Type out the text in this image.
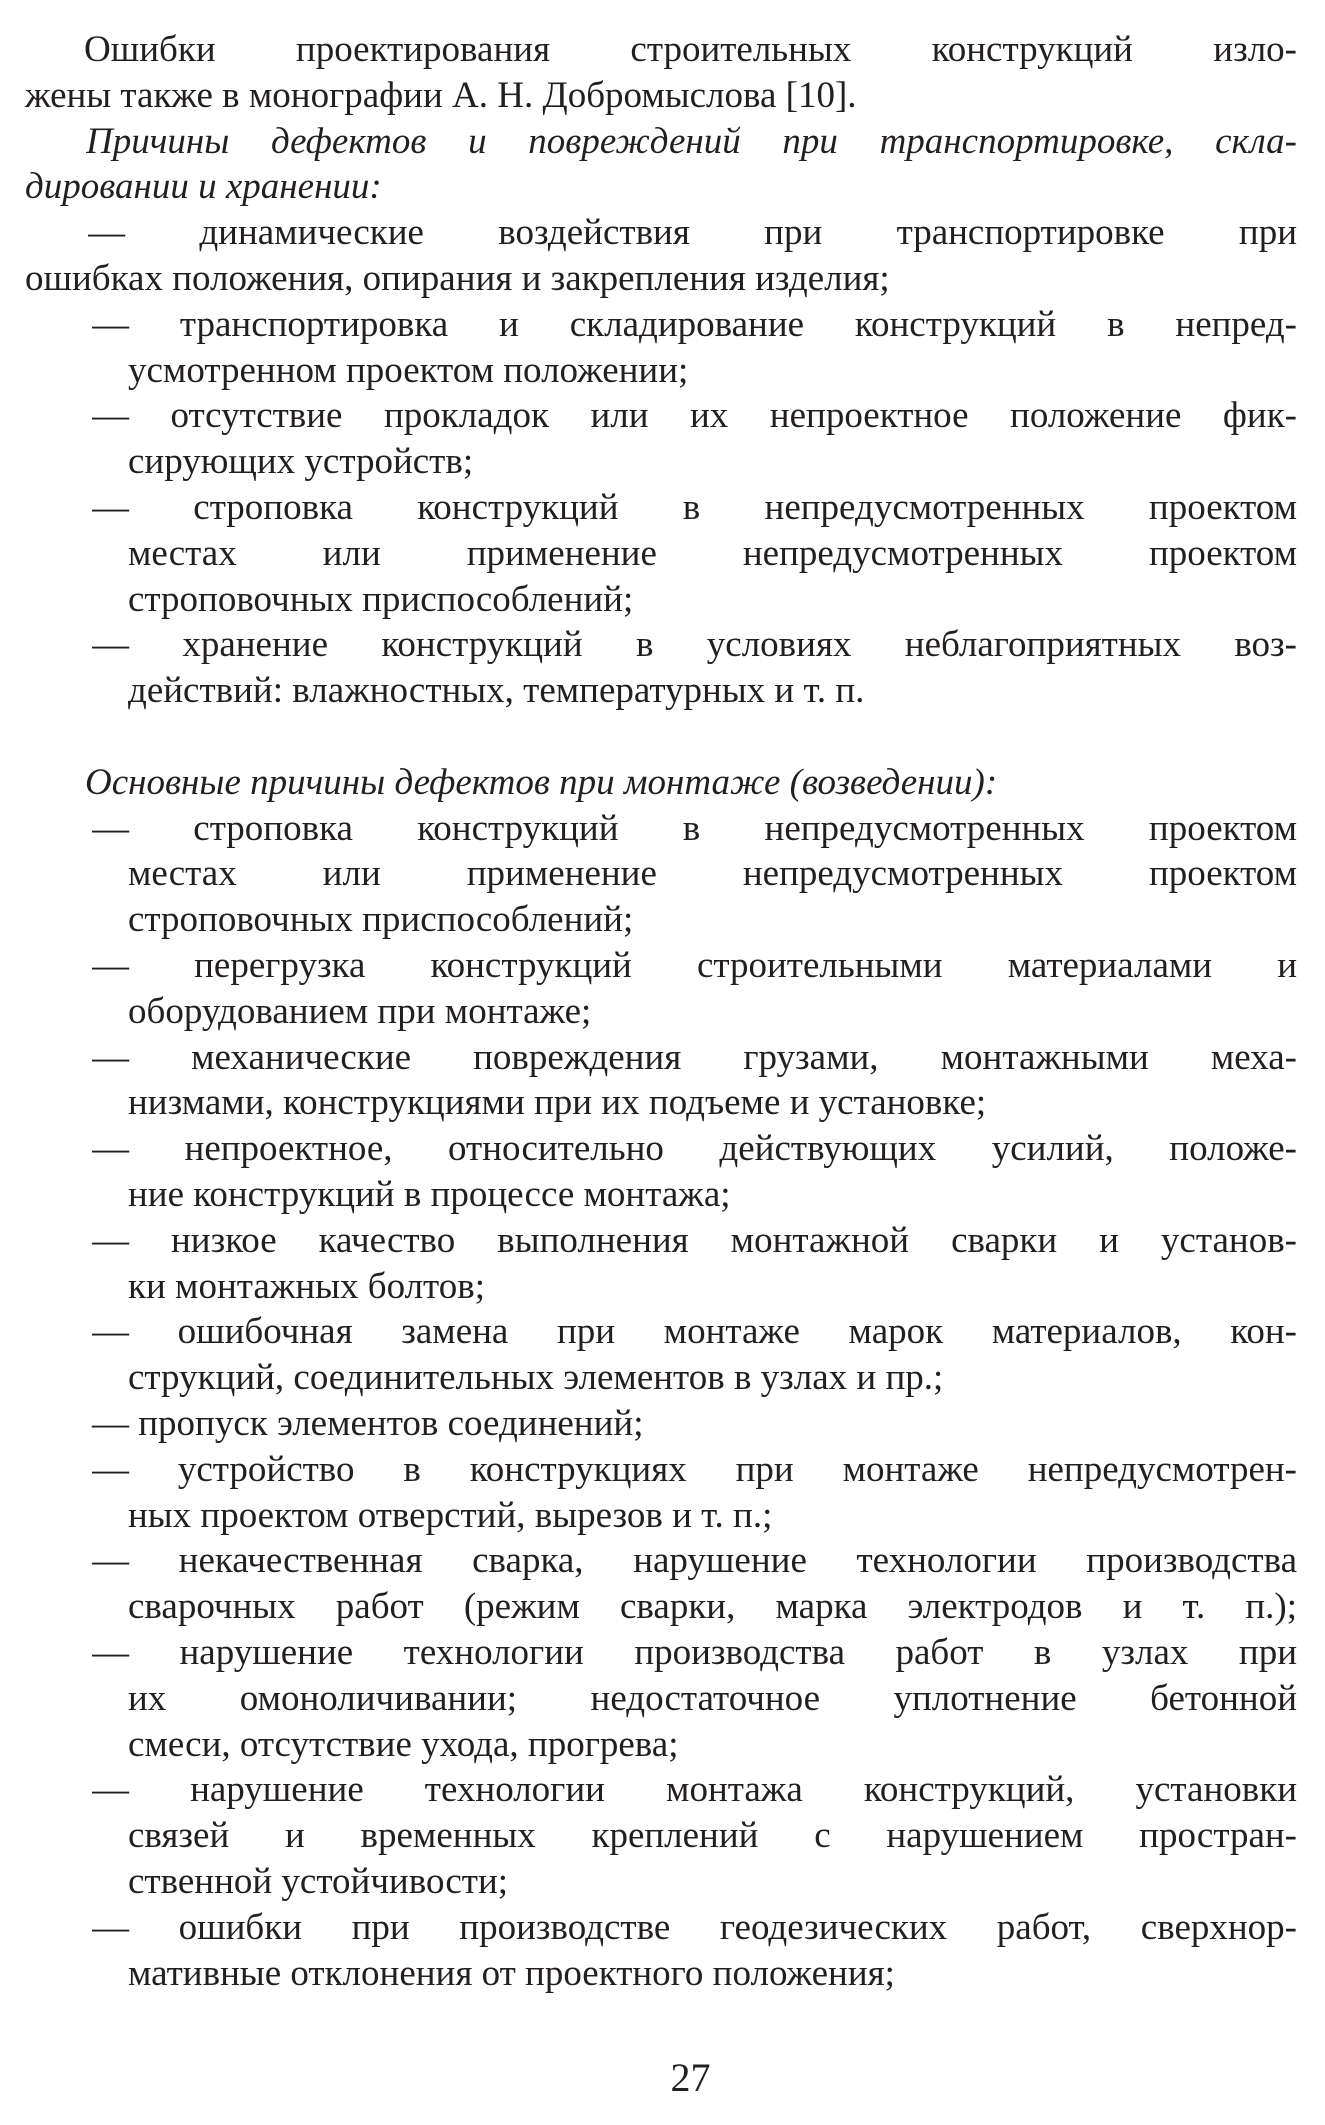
Ошибки проектирования строительных конструкций изло-
жены также в монографии А. Н. Добромыслова [10].
Причины дефектов и повреждений при транспортировке, скла-
дировании и хранении:
— динамические воздействия при транспортировке при
ошибках положения, опирания и закрепления изделия;
— транспортировка и складирование конструкций в непред-
усмотренном проектом положении;
— отсутствие прокладок или их непроектное положение фик-
сирующих устройств;
— строповка конструкций в непредусмотренных проектом
местах или применение непредусмотренных проектом
строповочных приспособлений;
— хранение конструкций в условиях неблагоприятных воз-
действий: влажностных, температурных и т. п.
Основные причины дефектов при монтаже (возведении):
— строповка конструкций в непредусмотренных проектом
местах или применение непредусмотренных проектом
строповочных приспособлений;
— перегрузка конструкций строительными материалами и
оборудованием при монтаже;
— механические повреждения грузами, монтажными меха-
низмами, конструкциями при их подъеме и установке;
— непроектное, относительно действующих усилий, положе-
ние конструкций в процессе монтажа;
— низкое качество выполнения монтажной сварки и установ-
ки монтажных болтов;
— ошибочная замена при монтаже марок материалов, кон-
струкций, соединительных элементов в узлах и пр.;
— пропуск элементов соединений;
— устройство в конструкциях при монтаже непредусмотрен-
ных проектом отверстий, вырезов и т. п.;
— некачественная сварка, нарушение технологии производства
сварочных работ (режим сварки, марка электродов и т. п.);
— нарушение технологии производства работ в узлах при
их омоноличивании; недостаточное уплотнение бетонной
смеси, отсутствие ухода, прогрева;
— нарушение технологии монтажа конструкций, установки
связей и временных креплений с нарушением простран-
ственной устойчивости;
— ошибки при производстве геодезических работ, сверхнор-
мативные отклонения от проектного положения;
27
